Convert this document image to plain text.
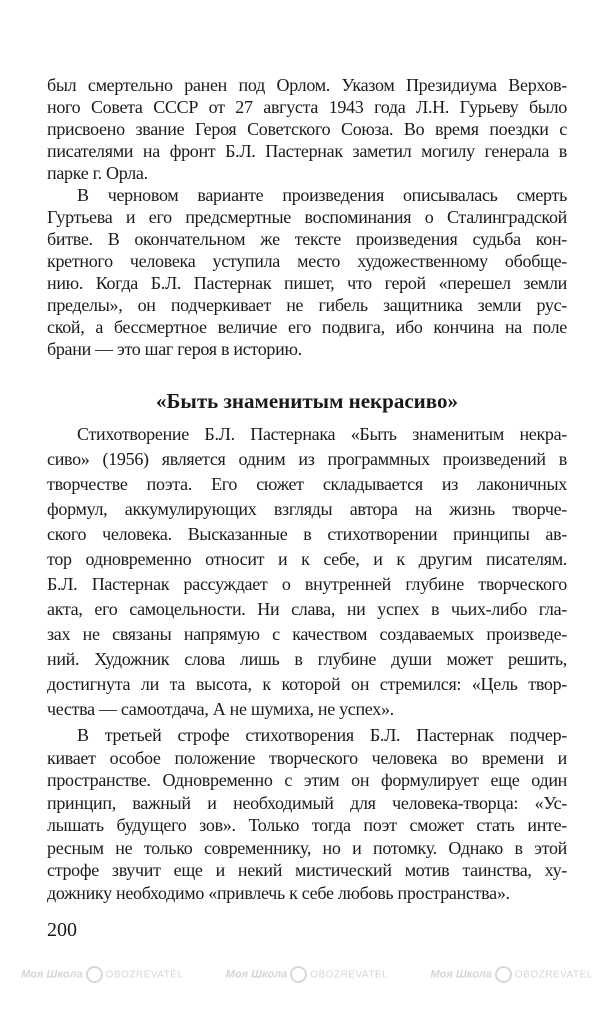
был смертельно ранен под Орлом. Указом Президиума Верхов-
ного Совета СССР от 27 августа 1943 года Л.Н. Гурьеву было
присвоено звание Героя Советского Союза. Во время поездки с
писателями на фронт Б.Л. Пастернак заметил могилу генерала в
парке г. Орла.
В черновом варианте произведения описывалась смерть
Гуртьева и его предсмертные воспоминания о Сталинградской
битве. В окончательном же тексте произведения судьба кон-
кретного человека уступила место художественному обобще-
нию. Когда Б.Л. Пастернак пишет, что герой «перешел земли
пределы», он подчеркивает не гибель защитника земли рус-
ской, а бессмертное величие его подвига, ибо кончина на поле
брани — это шаг героя в историю.
«Быть знаменитым некрасиво»
Стихотворение Б.Л. Пастернака «Быть знаменитым некра-
сиво» (1956) является одним из программных произведений в
творчестве поэта. Его сюжет складывается из лаконичных
формул, аккумулирующих взгляды автора на жизнь творче-
ского человека. Высказанные в стихотворении принципы ав-
тор одновременно относит и к себе, и к другим писателям.
Б.Л. Пастернак рассуждает о внутренней глубине творческого
акта, его самоцельности. Ни слава, ни успех в чьих-либо гла-
зах не связаны напрямую с качеством создаваемых произведе-
ний. Художник слова лишь в глубине души может решить,
достигнута ли та высота, к которой он стремился: «Цель твор-
чества — самоотдача, А не шумиха, не успех».
В третьей строфе стихотворения Б.Л. Пастернак подчер-
кивает особое положение творческого человека во времени и
пространстве. Одновременно с этим он формулирует еще один
принцип, важный и необходимый для человека-творца: «Ус-
лышать будущего зов». Только тогда поэт сможет стать инте-
ресным не только современнику, но и потомку. Однако в этой
строфе звучит еще и некий мистический мотив таинства, ху-
дожнику необходимо «привлечь к себе любовь пространства».
200
Моя Школа OBOZREVATEL	Моя Школа OBOZREVATEL	Моя Школа OBOZREVATEL
